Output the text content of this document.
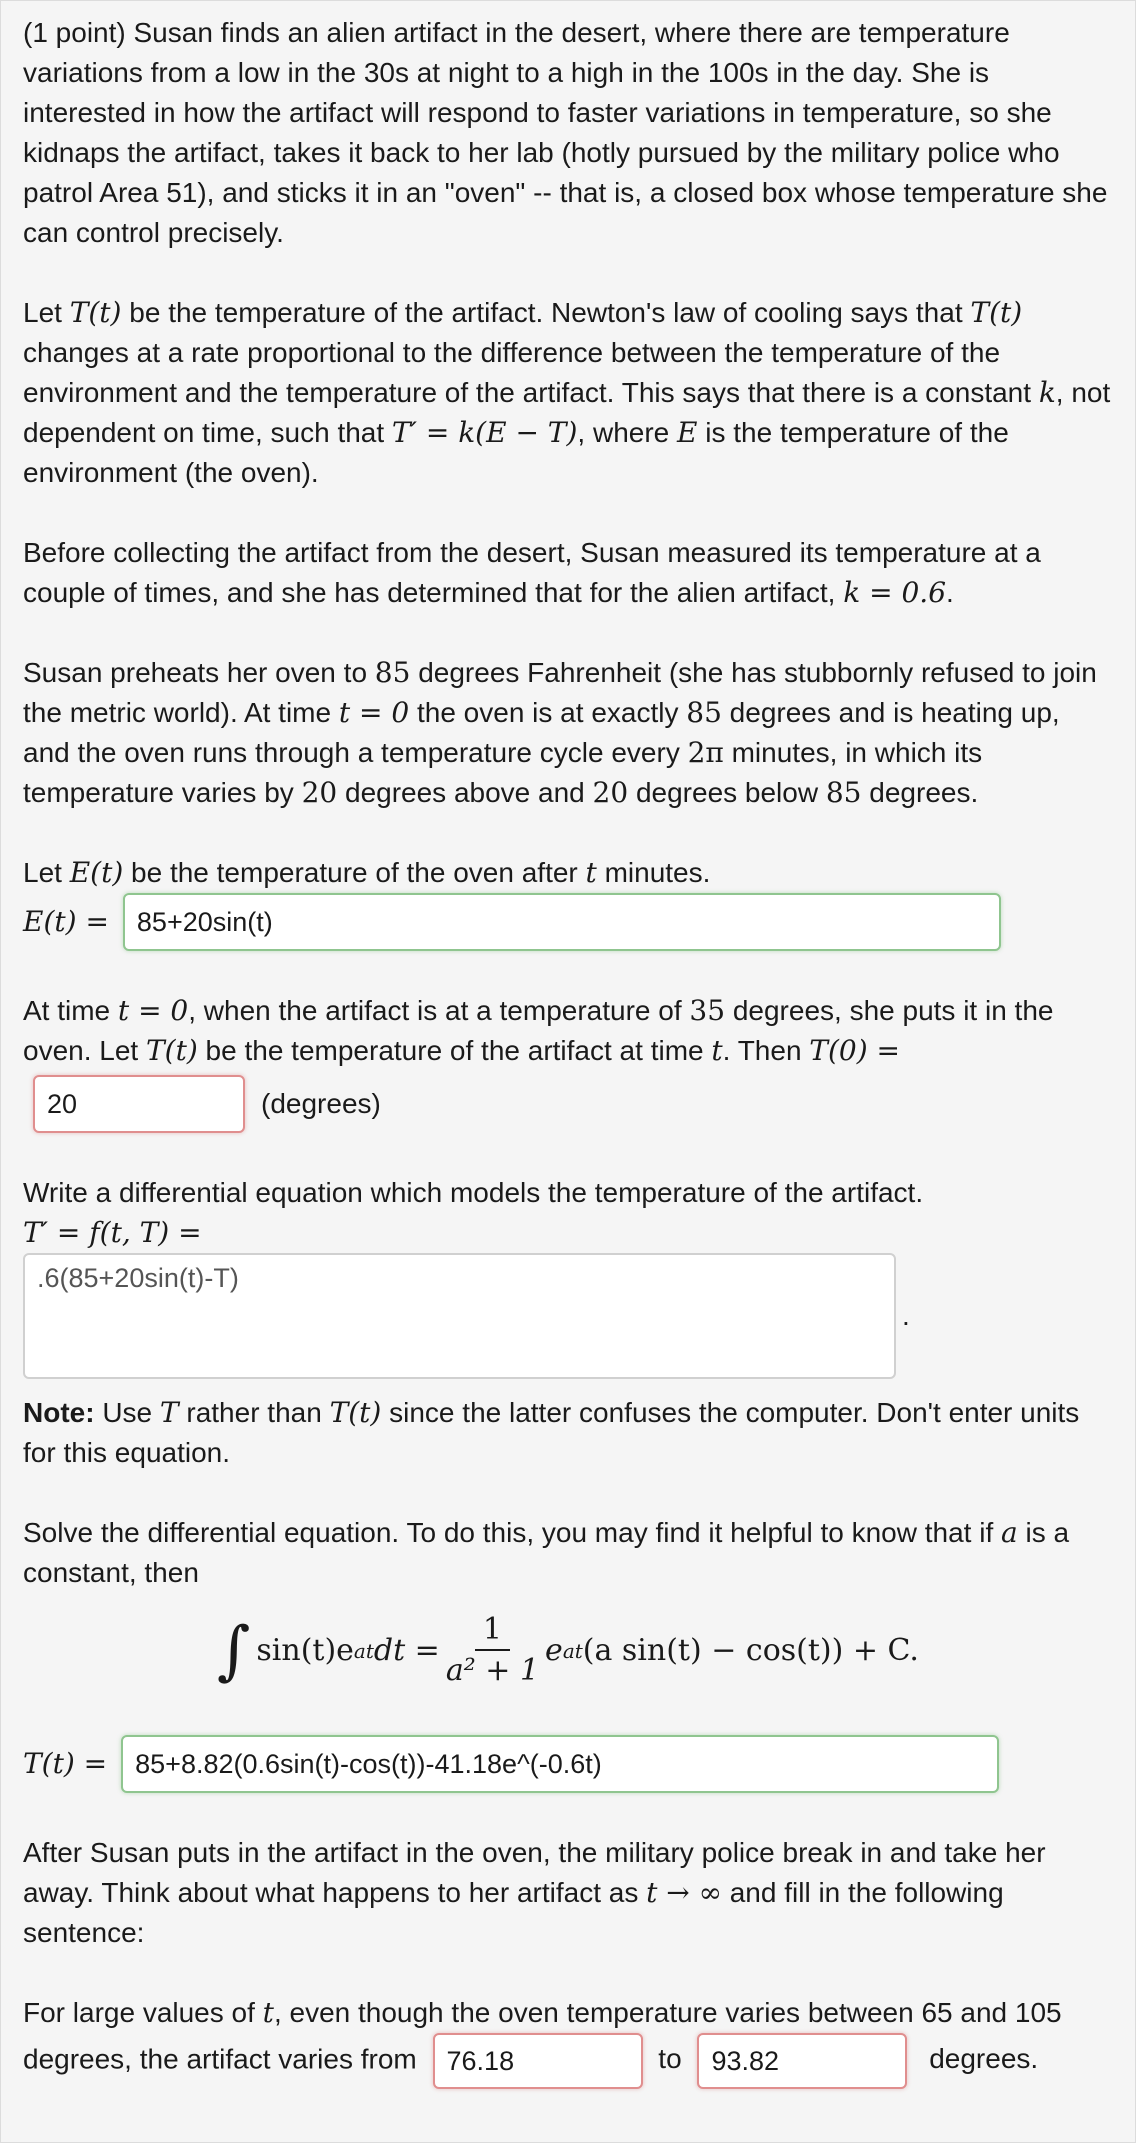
(1 point) Susan finds an alien artifact in the desert, where there are temperature variations from a low in the 30s at night to a high in the 100s in the day. She is interested in how the artifact will respond to faster variations in temperature, so she kidnaps the artifact, takes it back to her lab (hotly pursued by the military police who patrol Area 51), and sticks it in an "oven" -- that is, a closed box whose temperature she can control precisely.

Let T(t) be the temperature of the artifact. Newton's law of cooling says that T(t) changes at a rate proportional to the difference between the temperature of the environment and the temperature of the artifact. This says that there is a constant k, not dependent on time, such that T′ = k(E − T), where E is the temperature of the environment (the oven).

Before collecting the artifact from the desert, Susan measured its temperature at a couple of times, and she has determined that for the alien artifact, k = 0.6.

Susan preheats her oven to 85 degrees Fahrenheit (she has stubbornly refused to join the metric world). At time t = 0 the oven is at exactly 85 degrees and is heating up, and the oven runs through a temperature cycle every 2π minutes, in which its temperature varies by 20 degrees above and 20 degrees below 85 degrees.

Let E(t) be the temperature of the oven after t minutes.

E(t) =
85+20sin(t)

At time t = 0, when the artifact is at a temperature of 35 degrees, she puts it in the oven. Let T(t) be the temperature of the artifact at time t. Then T(0) =

20
(degrees)

Write a differential equation which models the temperature of the artifact.

T′ = f(t, T) =

.6(85+20sin(t)-T)
.

Note: Use T rather than T(t) since the latter confuses the computer. Don't enter units for this equation.

Solve the differential equation. To do this, you may find it helpful to know that if a is a constant, then

∫ sin(t)e at dt = $\frac{1}{\text{a² + 1}}$ e at (a sin(t) − cos(t)) + C.
T(t) =
85+8.82(0.6sin(t)-cos(t))-41.18e^(-0.6t)

After Susan puts in the artifact in the oven, the military police break in and take her away. Think about what happens to her artifact as t → ∞ and fill in the following sentence:

For large values of t, even though the oven temperature varies between 65 and 105 degrees, the artifact varies from 76.18	to 93.82	degrees.
